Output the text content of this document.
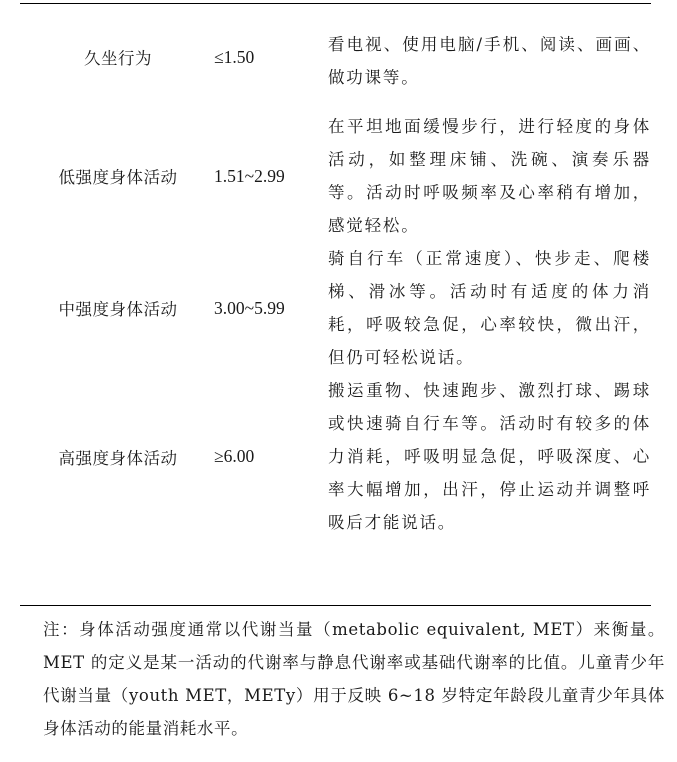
久坐行为	≤1.50	看电视、使用电脑/手机、阅读、画画、做功课等。
低强度身体活动	1.51~2.99	在平坦地面缓慢步行，进行轻度的身体活动，如整理床铺、洗碗、演奏乐器等。活动时呼吸频率及心率稍有增加，感觉轻松。
中强度身体活动	3.00~5.99	骑自行车（正常速度）、快步走、爬楼梯、滑冰等。活动时有适度的体力消耗，呼吸较急促，心率较快，微出汗，但仍可轻松说话。
高强度身体活动	≥6.00	搬运重物、快速跑步、激烈打球、踢球或快速骑自行车等。活动时有较多的体力消耗，呼吸明显急促，呼吸深度、心率大幅增加，出汗，停止运动并调整呼吸后才能说话。
注：身体活动强度通常以代谢当量（metabolic equivalent, MET）来衡量。MET 的定义是某一活动的代谢率与静息代谢率或基础代谢率的比值。儿童青少年代谢当量（youth MET，METy）用于反映 6~18 岁特定年龄段儿童青少年具体身体活动的能量消耗水平。
